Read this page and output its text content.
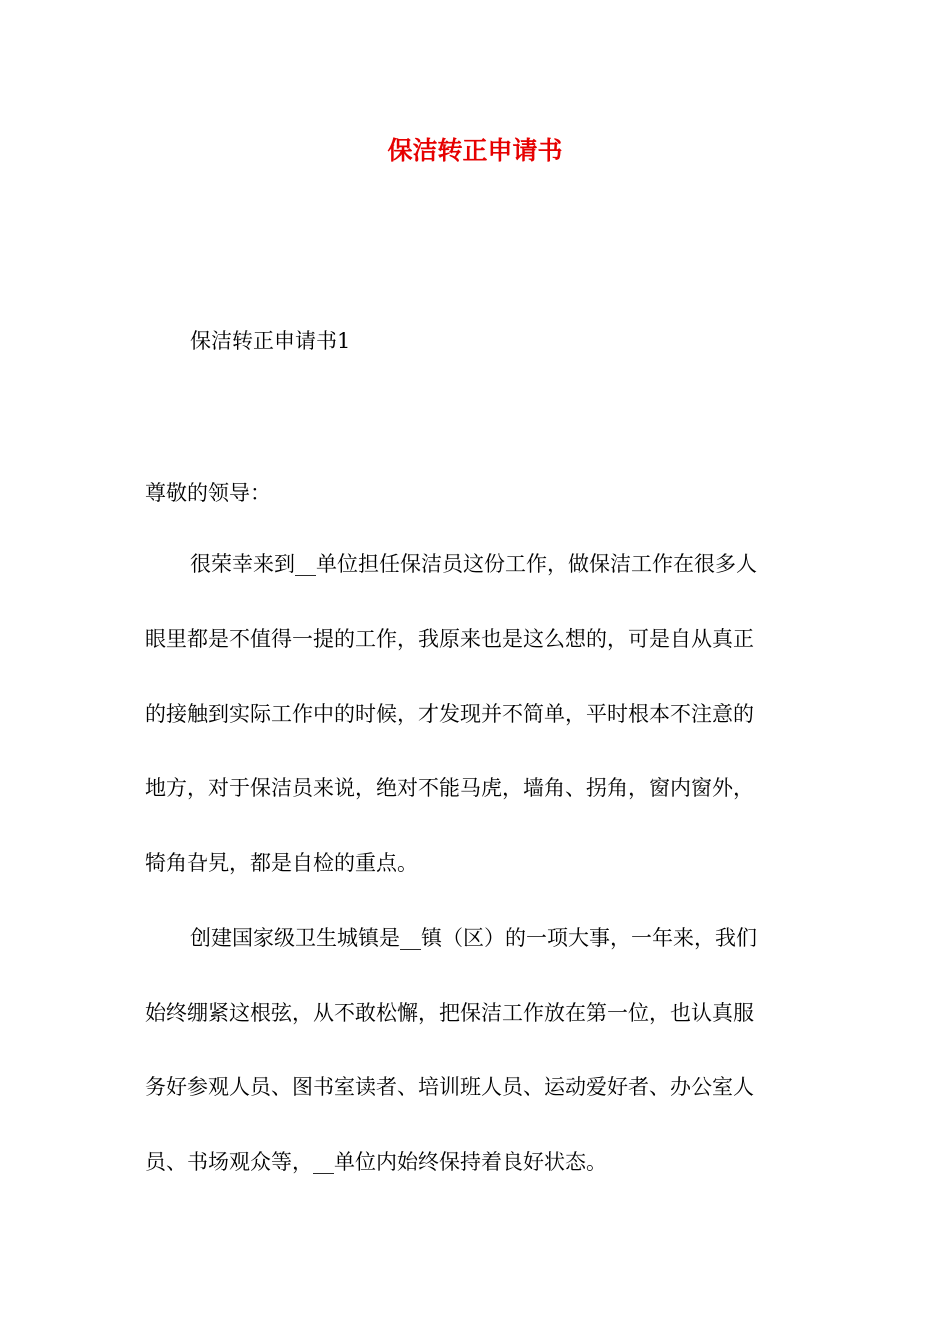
保洁转正申请书

保洁转正申请书1

尊敬的领导：

很荣幸来到__单位担任保洁员这份工作，做保洁工作在很多人

眼里都是不值得一提的工作，我原来也是这么想的，可是自从真正

的接触到实际工作中的时候，才发现并不简单，平时根本不注意的

地方，对于保洁员来说，绝对不能马虎，墙角、拐角，窗内窗外，

犄角旮旯，都是自检的重点。

创建国家级卫生城镇是__镇（区）的一项大事，一年来，我们

始终绷紧这根弦，从不敢松懈，把保洁工作放在第一位，也认真服

务好参观人员、图书室读者、培训班人员、运动爱好者、办公室人

员、书场观众等，__单位内始终保持着良好状态。
